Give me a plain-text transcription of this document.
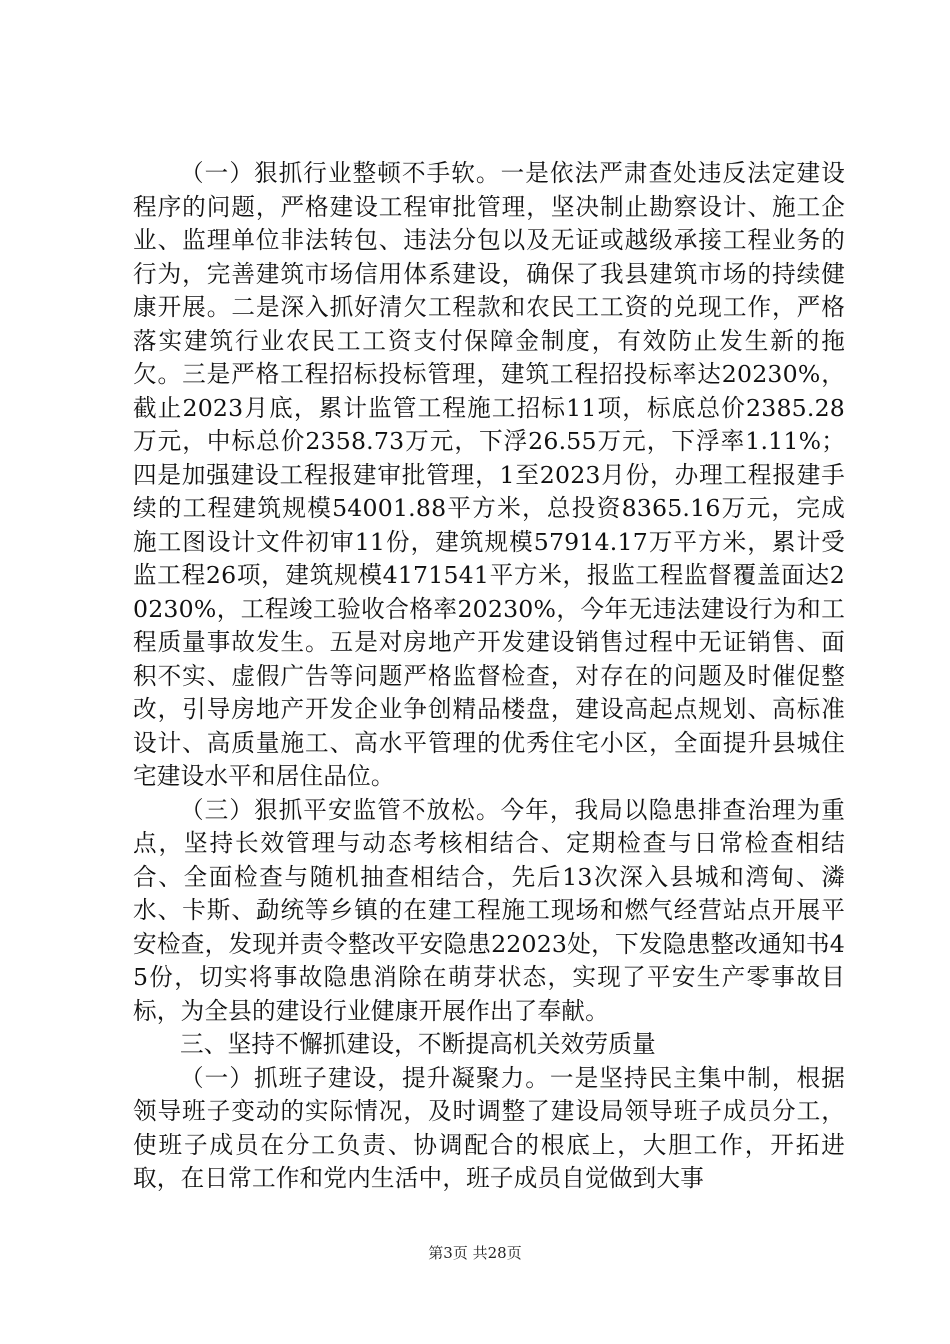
（一）狠抓行业整顿不手软。一是依法严肃查处违反法定建设程序的问题，严格建设工程审批管理，坚决制止勘察设计、施工企业、监理单位非法转包、违法分包以及无证或越级承接工程业务的行为，完善建筑市场信用体系建设，确保了我县建筑市场的持续健康开展。二是深入抓好清欠工程款和农民工工资的兑现工作，严格落实建筑行业农民工工资支付保障金制度，有效防止发生新的拖欠。三是严格工程招标投标管理，建筑工程招投标率达20230%，截止2023月底，累计监管工程施工招标11项，标底总价2385.28万元，中标总价2358.73万元，下浮26.55万元，下浮率1.11%；四是加强建设工程报建审批管理，1至2023月份，办理工程报建手续的工程建筑规模54001.88平方米，总投资8365.16万元，完成施工图设计文件初审11份，建筑规模57914.17万平方米，累计受监工程26项，建筑规模4171541平方米，报监工程监督覆盖面达20230%，工程竣工验收合格率20230%，今年无违法建设行为和工程质量事故发生。五是对房地产开发建设销售过程中无证销售、面积不实、虚假广告等问题严格监督检查，对存在的问题及时催促整改，引导房地产开发企业争创精品楼盘，建设高起点规划、高标准设计、高质量施工、高水平管理的优秀住宅小区，全面提升县城住宅建设水平和居住品位。

（三）狠抓平安监管不放松。今年，我局以隐患排查治理为重点，坚持长效管理与动态考核相结合、定期检查与日常检查相结合、全面检查与随机抽查相结合，先后13次深入县城和湾甸、潾水、卡斯、勐统等乡镇的在建工程施工现场和燃气经营站点开展平安检查，发现并责令整改平安隐患22023处，下发隐患整改通知书45份，切实将事故隐患消除在萌芽状态，实现了平安生产零事故目标，为全县的建设行业健康开展作出了奉献。

三、坚持不懈抓建设，不断提高机关效劳质量

（一）抓班子建设，提升凝聚力。一是坚持民主集中制，根据领导班子变动的实际情况，及时调整了建设局领导班子成员分工，使班子成员在分工负责、协调配合的根底上，大胆工作，开拓进取，在日常工作和党内生活中，班子成员自觉做到大事

第3页 共28页
